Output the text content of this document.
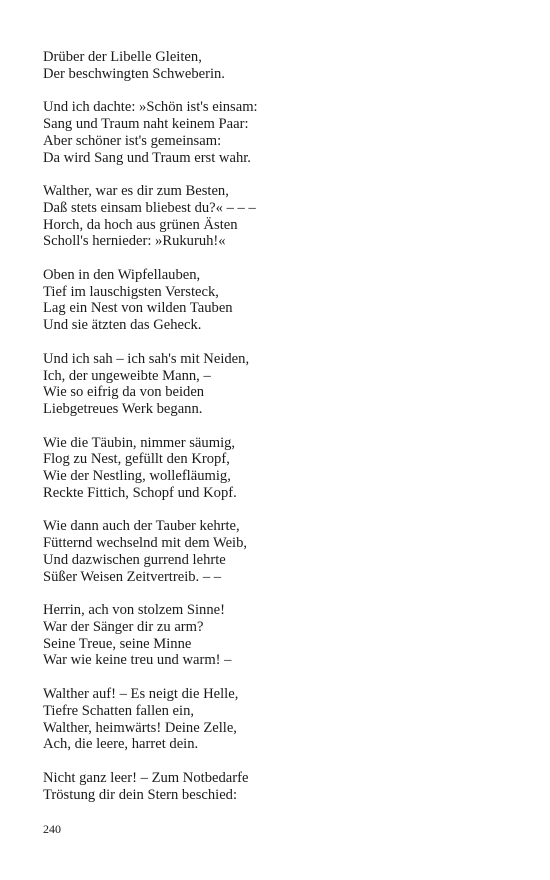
Drüber der Libelle Gleiten,
Der beschwingten Schweberin.
Und ich dachte: »Schön ist's einsam:
Sang und Traum naht keinem Paar:
Aber schöner ist's gemeinsam:
Da wird Sang und Traum erst wahr.
Walther, war es dir zum Besten,
Daß stets einsam bliebest du?« – – –
Horch, da hoch aus grünen Ästen
Scholl's hernieder: »Rukuruh!«
Oben in den Wipfellauben,
Tief im lauschigsten Versteck,
Lag ein Nest von wilden Tauben
Und sie ätzten das Geheck.
Und ich sah – ich sah's mit Neiden,
Ich, der ungeweibte Mann, –
Wie so eifrig da von beiden
Liebgetreues Werk begann.
Wie die Täubin, nimmer säumig,
Flog zu Nest, gefüllt den Kropf,
Wie der Nestling, wollefläumig,
Reckte Fittich, Schopf und Kopf.
Wie dann auch der Tauber kehrte,
Fütternd wechselnd mit dem Weib,
Und dazwischen gurrend lehrte
Süßer Weisen Zeitvertreib. – –
Herrin, ach von stolzem Sinne!
War der Sänger dir zu arm?
Seine Treue, seine Minne
War wie keine treu und warm! –
Walther auf! – Es neigt die Helle,
Tiefre Schatten fallen ein,
Walther, heimwärts! Deine Zelle,
Ach, die leere, harret dein.
Nicht ganz leer! – Zum Notbedarfe
Tröstung dir dein Stern beschied:
240
